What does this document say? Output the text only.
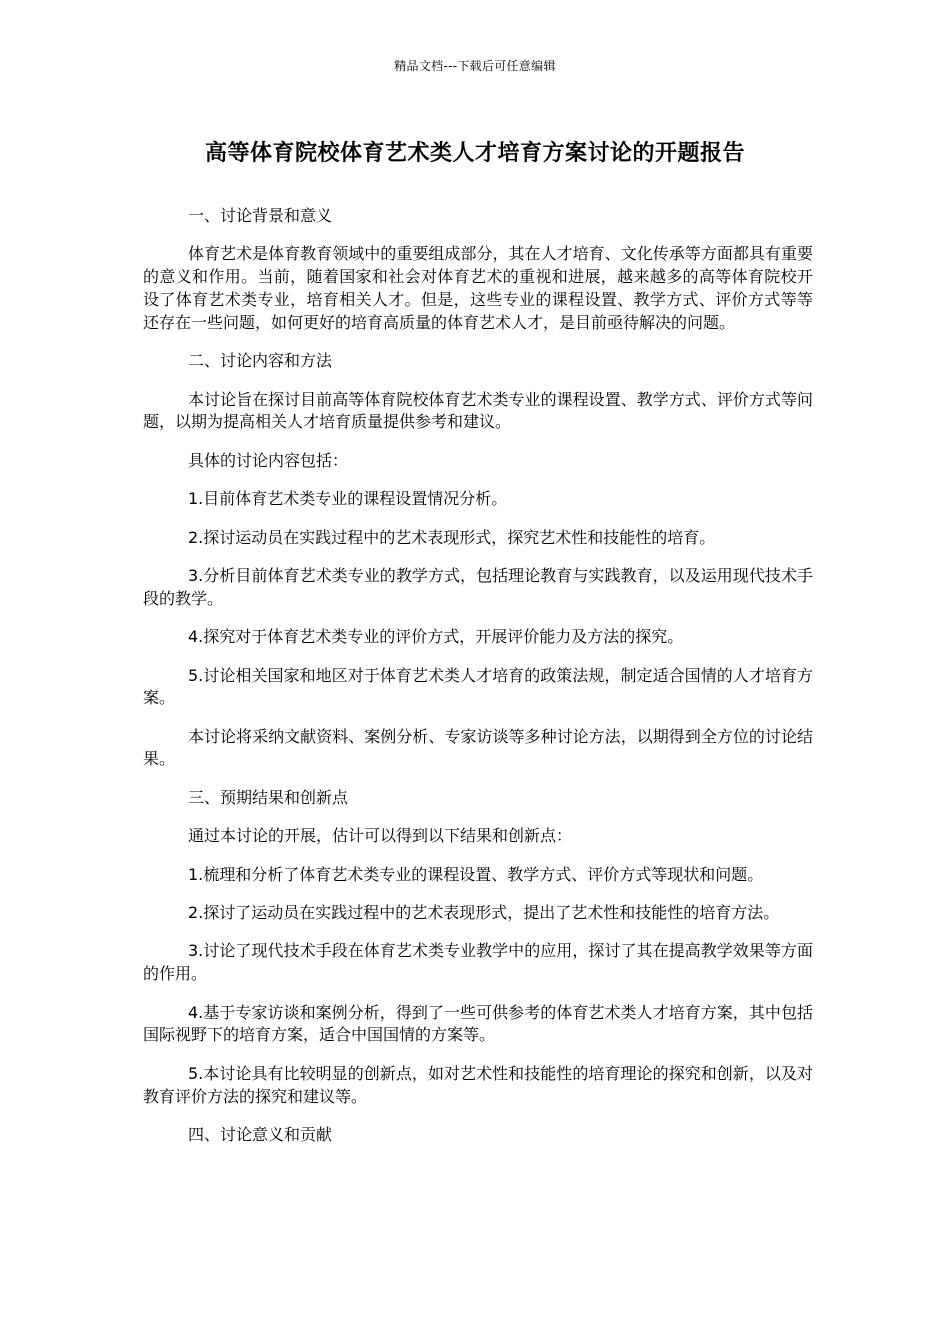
精品文档---下载后可任意编辑
高等体育院校体育艺术类人才培育方案讨论的开题报告

一、讨论背景和意义

体育艺术是体育教育领域中的重要组成部分，其在人才培育、文化传承等方面都具有重要的意义和作用。当前，随着国家和社会对体育艺术的重视和进展，越来越多的高等体育院校开设了体育艺术类专业，培育相关人才。但是，这些专业的课程设置、教学方式、评价方式等等还存在一些问题，如何更好的培育高质量的体育艺术人才，是目前亟待解决的问题。

二、讨论内容和方法

本讨论旨在探讨目前高等体育院校体育艺术类专业的课程设置、教学方式、评价方式等问题，以期为提高相关人才培育质量提供参考和建议。

具体的讨论内容包括：

1.目前体育艺术类专业的课程设置情况分析。

2.探讨运动员在实践过程中的艺术表现形式，探究艺术性和技能性的培育。

3.分析目前体育艺术类专业的教学方式，包括理论教育与实践教育，以及运用现代技术手段的教学。

4.探究对于体育艺术类专业的评价方式，开展评价能力及方法的探究。

5.讨论相关国家和地区对于体育艺术类人才培育的政策法规，制定适合国情的人才培育方案。

本讨论将采纳文献资料、案例分析、专家访谈等多种讨论方法，以期得到全方位的讨论结果。

三、预期结果和创新点

通过本讨论的开展，估计可以得到以下结果和创新点：

1.梳理和分析了体育艺术类专业的课程设置、教学方式、评价方式等现状和问题。

2.探讨了运动员在实践过程中的艺术表现形式，提出了艺术性和技能性的培育方法。

3.讨论了现代技术手段在体育艺术类专业教学中的应用，探讨了其在提高教学效果等方面的作用。

4.基于专家访谈和案例分析，得到了一些可供参考的体育艺术类人才培育方案，其中包括国际视野下的培育方案，适合中国国情的方案等。

5.本讨论具有比较明显的创新点，如对艺术性和技能性的培育理论的探究和创新，以及对教育评价方法的探究和建议等。

四、讨论意义和贡献
